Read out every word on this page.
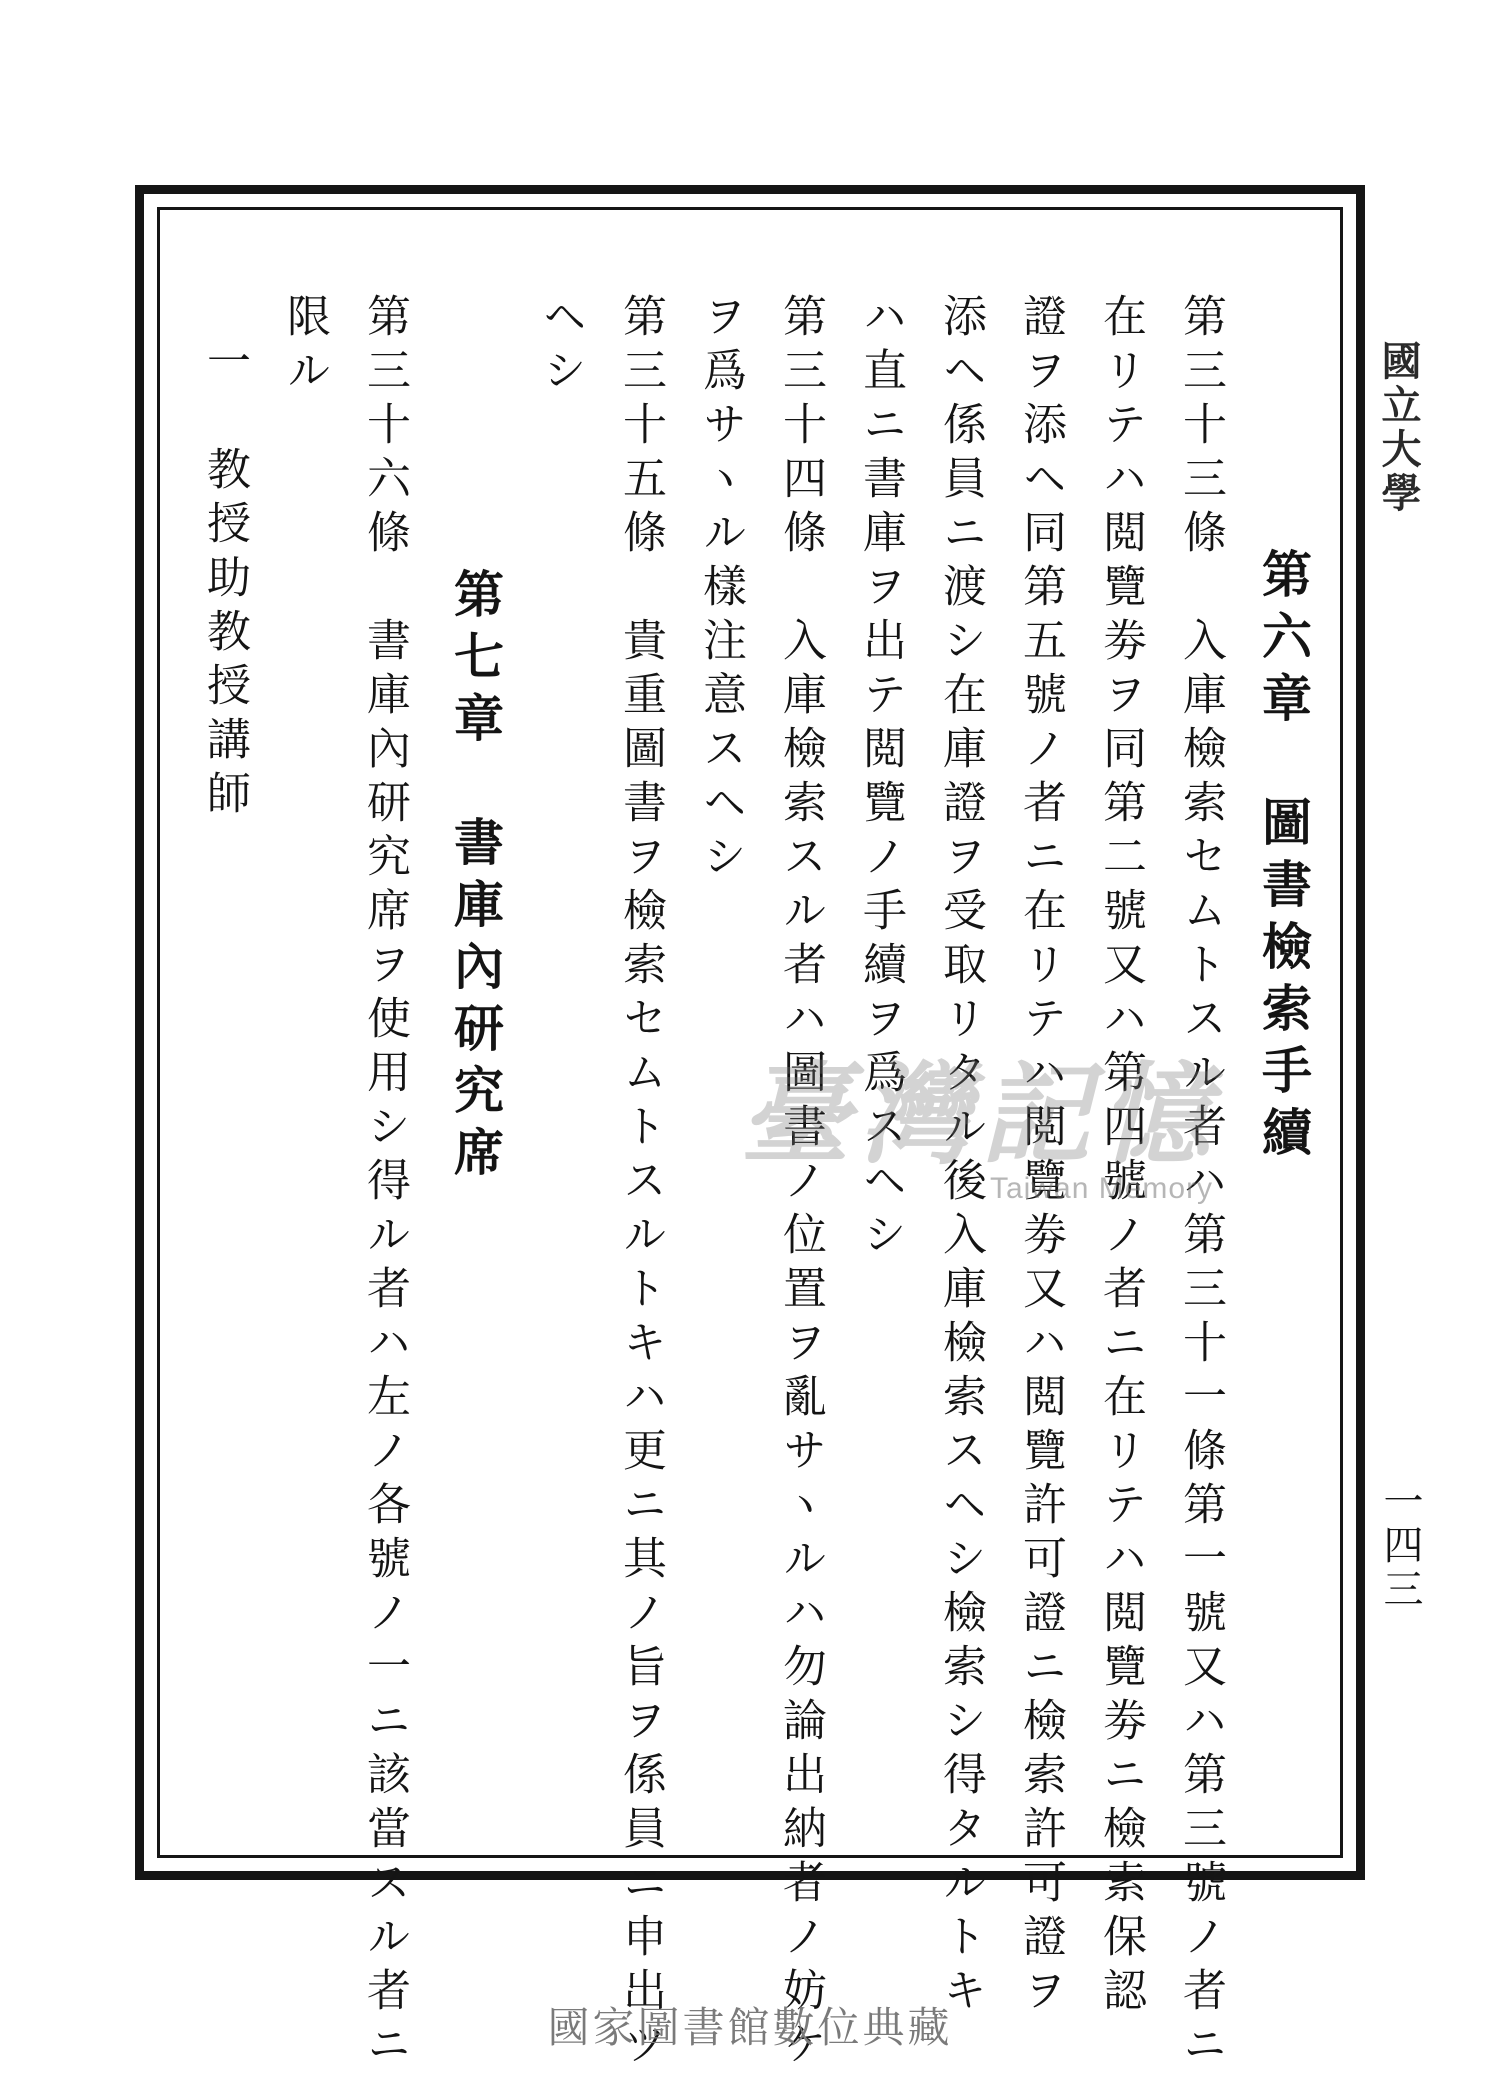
國立大學
一四三
第六章　圖書檢索手續
第三十三條　入庫檢索セムトスル者ハ第三十一條第一號又ハ第三號ノ者ニ
在リテハ閲覽劵ヲ同第二號又ハ第四號ノ者ニ在リテハ閲覽劵ニ檢索保認
證ヲ添ヘ同第五號ノ者ニ在リテハ閲覽劵又ハ閲覽許可證ニ檢索許可證ヲ
添ヘ係員ニ渡シ在庫證ヲ受取リタル後入庫檢索スヘシ檢索シ得タルトキ
ハ直ニ書庫ヲ出テ閲覽ノ手續ヲ爲スヘシ
第三十四條　入庫檢索スル者ハ圖書ノ位置ヲ亂サヽルハ勿論出納者ノ妨ケ
ヲ爲サヽル樣注意スヘシ
第三十五條　貴重圖書ヲ檢索セムトスルトキハ更ニ其ノ旨ヲ係員ニ申出ツ
ヘシ
第七章　書庫內研究席
第三十六條　書庫內研究席ヲ使用シ得ル者ハ左ノ各號ノ一ニ該當スル者ニ
限ル
一　教授助教授講師
臺灣記憶
Taiwan Memory
國家圖書館數位典藏
